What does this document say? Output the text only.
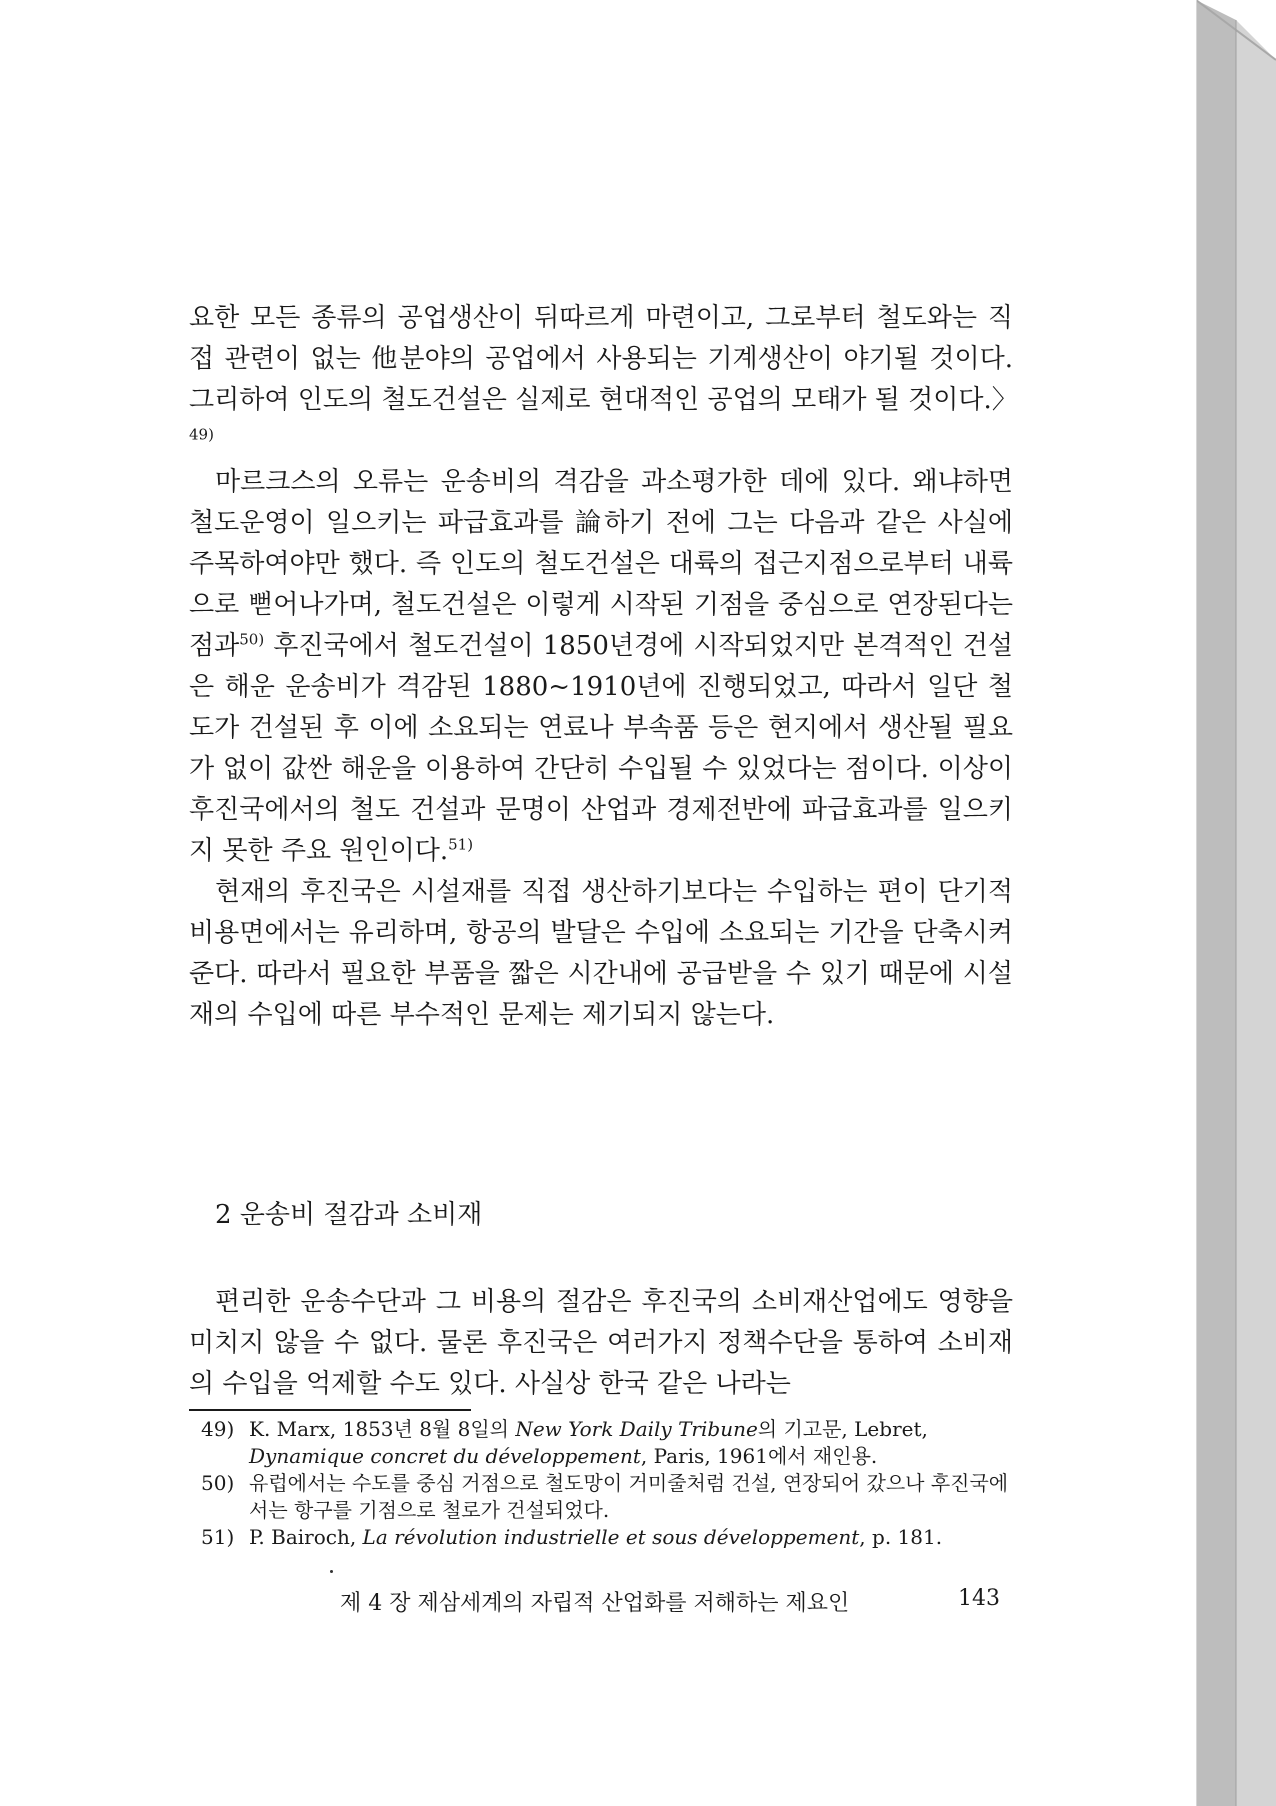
요한 모든 종류의 공업생산이 뒤따르게 마련이고, 그로부터 철도와는 직접 관련이 없는 他분야의 공업에서 사용되는 기계생산이 야기될 것이다. 그리하여 인도의 철도건설은 실제로 현대적인 공업의 모태가 될 것이다.〉$^{49)}$

마르크스의 오류는 운송비의 격감을 과소평가한 데에 있다. 왜냐하면 철도운영이 일으키는 파급효과를 論하기 전에 그는 다음과 같은 사실에 주목하여야만 했다. 즉 인도의 철도건설은 대륙의 접근지점으로부터 내륙으로 뻗어나가며, 철도건설은 이렇게 시작된 기점을 중심으로 연장된다는 점과$^{50)}$ 후진국에서 철도건설이 1850년경에 시작되었지만 본격적인 건설은 해운 운송비가 격감된 1880~1910년에 진행되었고, 따라서 일단 철도가 건설된 후 이에 소요되는 연료나 부속품 등은 현지에서 생산될 필요가 없이 값싼 해운을 이용하여 간단히 수입될 수 있었다는 점이다. 이상이 후진국에서의 철도 건설과 문명이 산업과 경제전반에 파급효과를 일으키지 못한 주요 원인이다.$^{51)}$

현재의 후진국은 시설재를 직접 생산하기보다는 수입하는 편이 단기적 비용면에서는 유리하며, 항공의 발달은 수입에 소요되는 기간을 단축시켜 준다. 따라서 필요한 부품을 짧은 시간내에 공급받을 수 있기 때문에 시설재의 수입에 따른 부수적인 문제는 제기되지 않는다.

2 운송비 절감과 소비재

편리한 운송수단과 그 비용의 절감은 후진국의 소비재산업에도 영향을 미치지 않을 수 없다. 물론 후진국은 여러가지 정책수단을 통하여 소비재의 수입을 억제할 수도 있다. 사실상 한국 같은 나라는

49) K. Marx, 1853년 8월 8일의 New York Daily Tribune의 기고문, Lebret, Dynamique concret du développement, Paris, 1961에서 재인용.

50) 유럽에서는 수도를 중심 거점으로 철도망이 거미줄처럼 건설, 연장되어 갔으나 후진국에서는 항구를 기점으로 철로가 건설되었다.

51) P. Bairoch, La révolution industrielle et sous développement, p. 181.

제 4 장 제삼세계의 자립적 산업화를 저해하는 제요인	143
